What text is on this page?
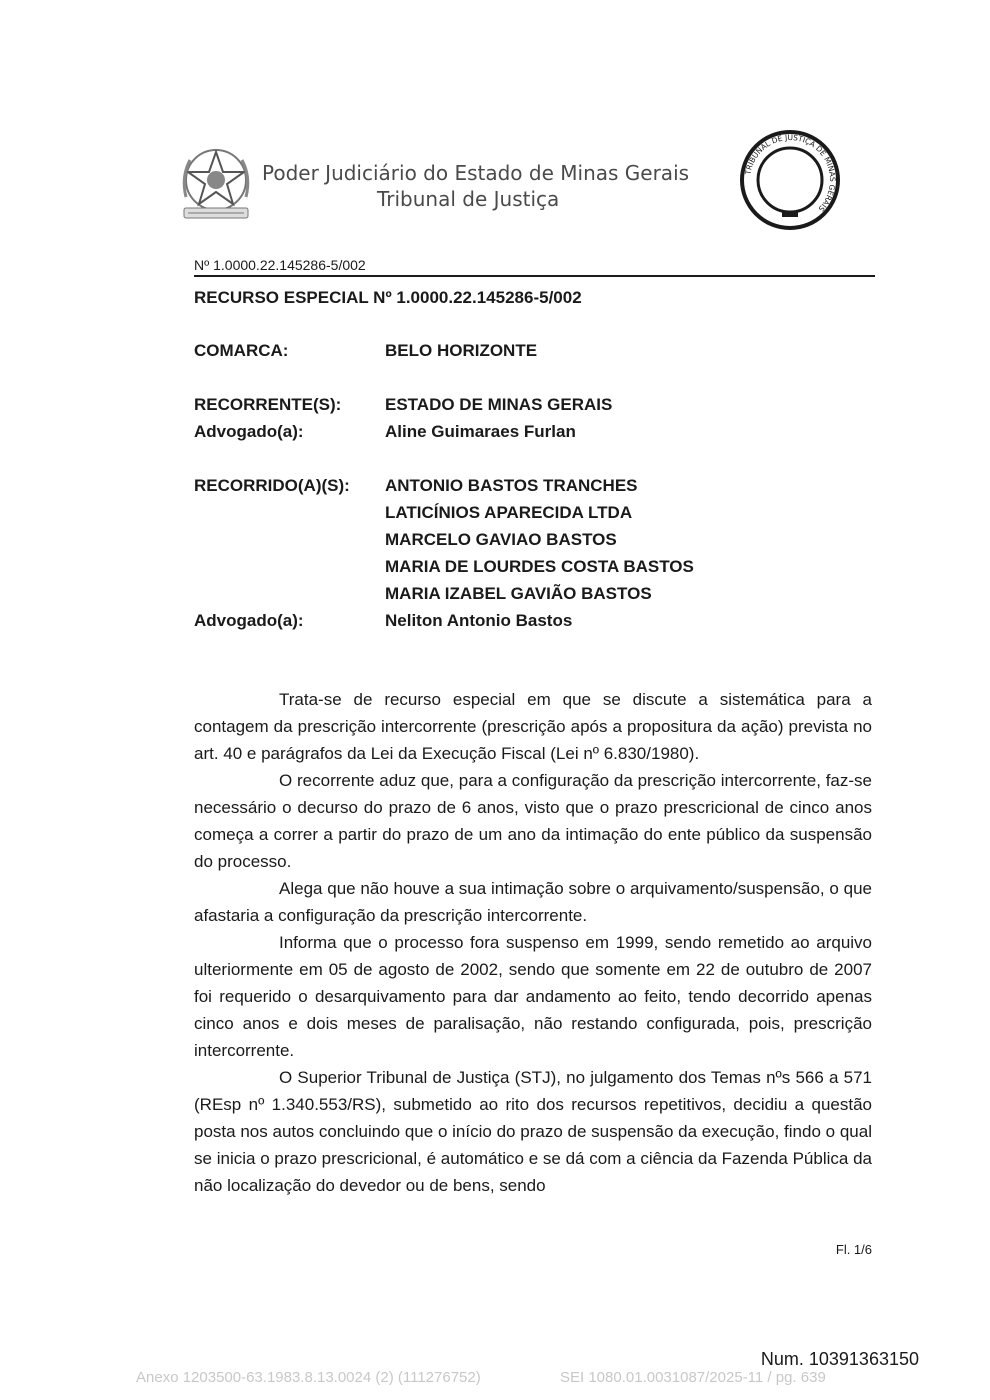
Poder Judiciário do Estado de Minas Gerais
Tribunal de Justiça
TRIBUNAL DE JUSTIÇA DE MINAS GERAIS
Nº 1.0000.22.145286-5/002
RECURSO ESPECIAL Nº 1.0000.22.145286-5/002
COMARCA:	BELO HORIZONTE
RECORRENTE(S):	ESTADO DE MINAS GERAIS
Advogado(a):	Aline Guimaraes Furlan
RECORRIDO(A)(S): ANTONIO BASTOS TRANCHES
LATICÍNIOS APARECIDA LTDA
MARCELO GAVIAO BASTOS
MARIA DE LOURDES COSTA BASTOS
MARIA IZABEL GAVIÃO BASTOS
Advogado(a):	Neliton Antonio Bastos

Trata-se de recurso especial em que se discute a sistemática para a contagem da prescrição intercorrente (prescrição após a propositura da ação) prevista no art. 40 e parágrafos da Lei da Execução Fiscal (Lei nº 6.830/1980).

O recorrente aduz que, para a configuração da prescrição intercorrente, faz-se necessário o decurso do prazo de 6 anos, visto que o prazo prescricional de cinco anos começa a correr a partir do prazo de um ano da intimação do ente público da suspensão do processo.

Alega que não houve a sua intimação sobre o arquivamento/suspensão, o que afastaria a configuração da prescrição intercorrente.

Informa que o processo fora suspenso em 1999, sendo remetido ao arquivo ulteriormente em 05 de agosto de 2002, sendo que somente em 22 de outubro de 2007 foi requerido o desarquivamento para dar andamento ao feito, tendo decorrido apenas cinco anos e dois meses de paralisação, não restando configurada, pois, prescrição intercorrente.

O Superior Tribunal de Justiça (STJ), no julgamento dos Temas nºs 566 a 571 (REsp nº 1.340.553/RS), submetido ao rito dos recursos repetitivos, decidiu a questão posta nos autos concluindo que o início do prazo de suspensão da execução, findo o qual se inicia o prazo prescricional, é automático e se dá com a ciência da Fazenda Pública da não localização do devedor ou de bens, sendo

Fl. 1/6
Num. 10391363150
Anexo 1203500-63.1983.8.13.0024 (2) (111276752)	SEI 1080.01.0031087/2025-11 / pg. 639
